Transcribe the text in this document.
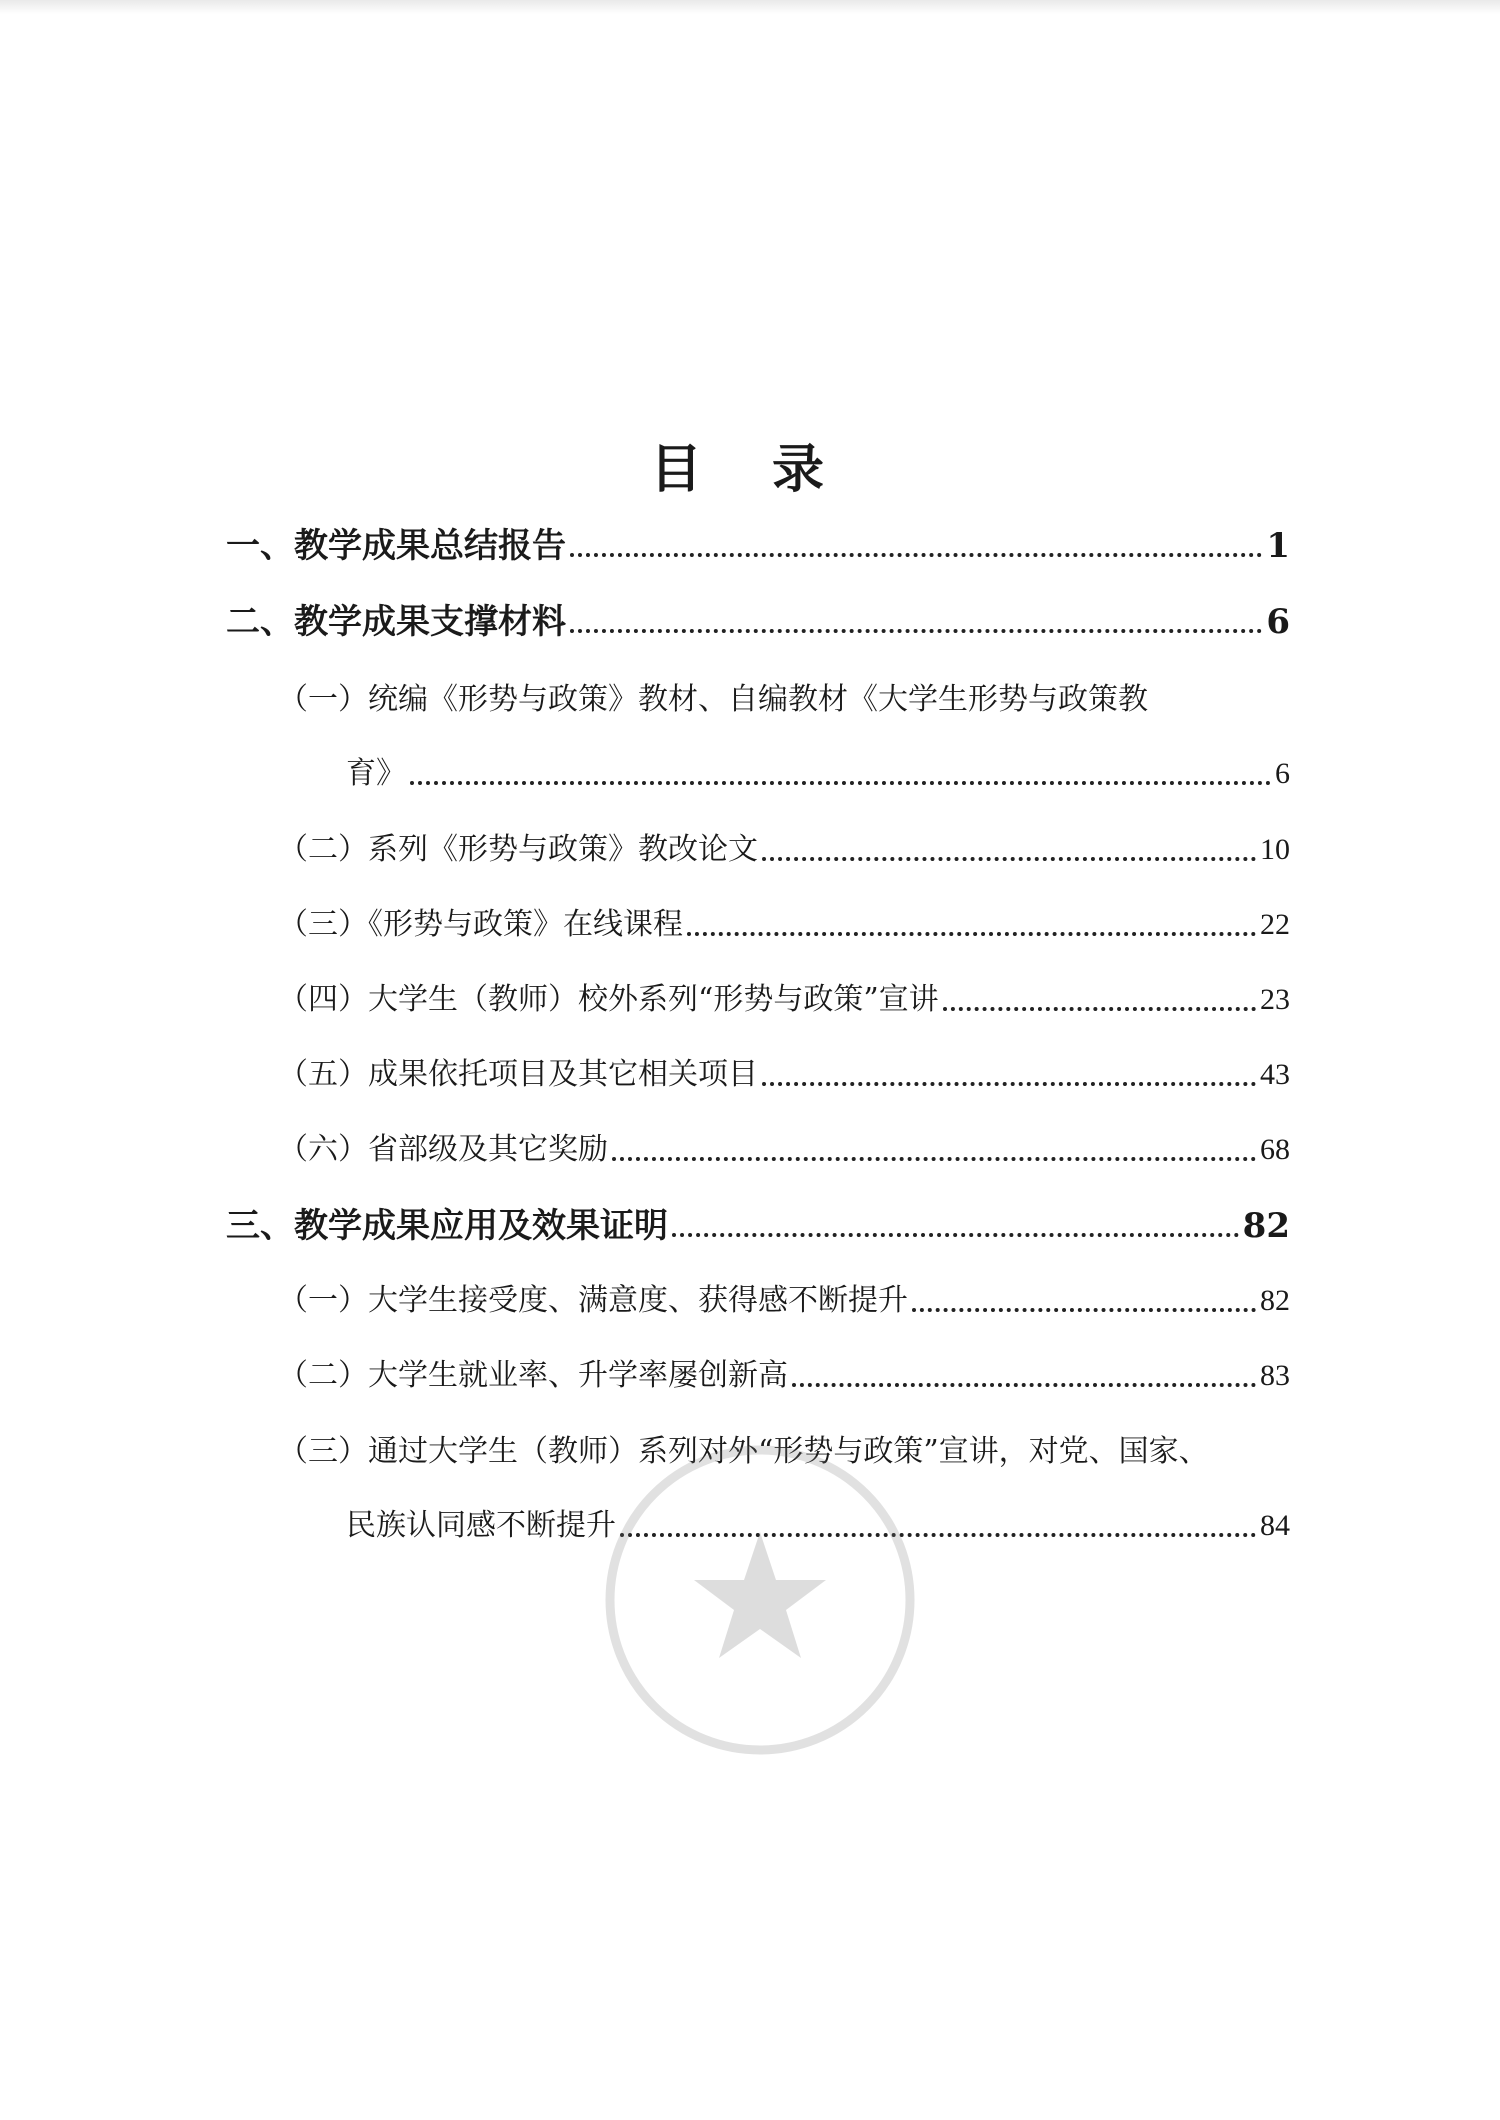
目 录
一、教学成果总结报告	1
二、教学成果支撑材料	6
（一）统编《形势与政策》教材、自编教材《大学生形势与政策教
育》	6
（二）系列《形势与政策》教改论文	10
（三）《形势与政策》在线课程	22
（四）大学生（教师）校外系列“形势与政策”宣讲	23
（五）成果依托项目及其它相关项目	43
（六）省部级及其它奖励	68
三、教学成果应用及效果证明	82
（一）大学生接受度、满意度、获得感不断提升	82
（二）大学生就业率、升学率屡创新高	83
（三）通过大学生（教师）系列对外“形势与政策”宣讲，对党、国家、
民族认同感不断提升	84
